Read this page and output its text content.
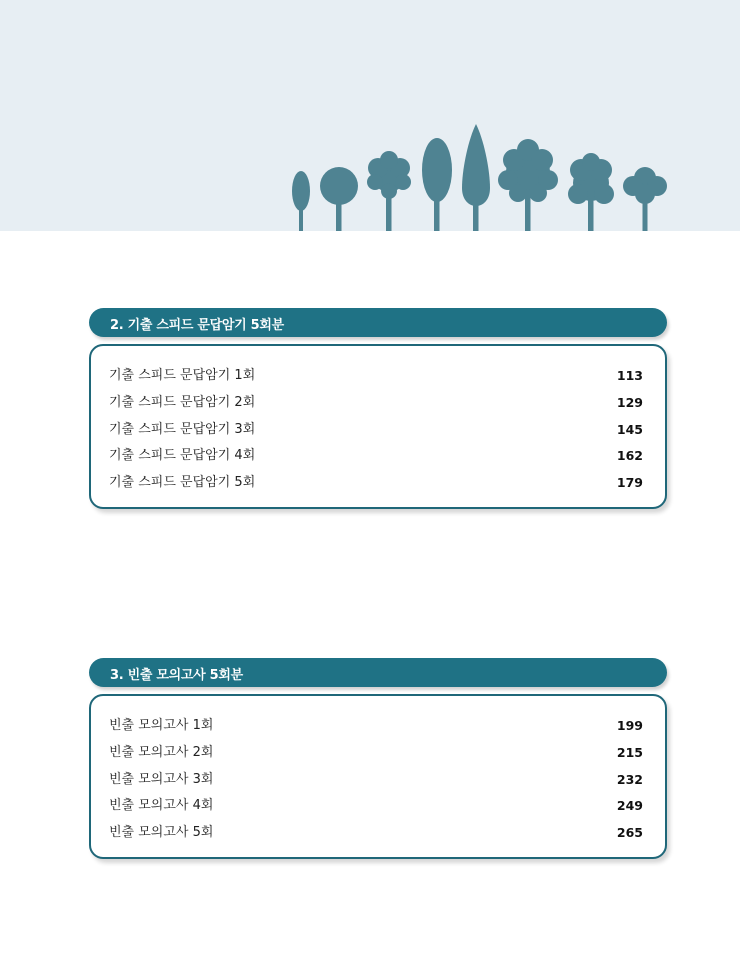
2. 기출 스피드 문답암기 5회분
기출 스피드 문답암기 1회	113
기출 스피드 문답암기 2회	129
기출 스피드 문답암기 3회	145
기출 스피드 문답암기 4회	162
기출 스피드 문답암기 5회	179
3. 빈출 모의고사 5회분
빈출 모의고사 1회	199
빈출 모의고사 2회	215
빈출 모의고사 3회	232
빈출 모의고사 4회	249
빈출 모의고사 5회	265
